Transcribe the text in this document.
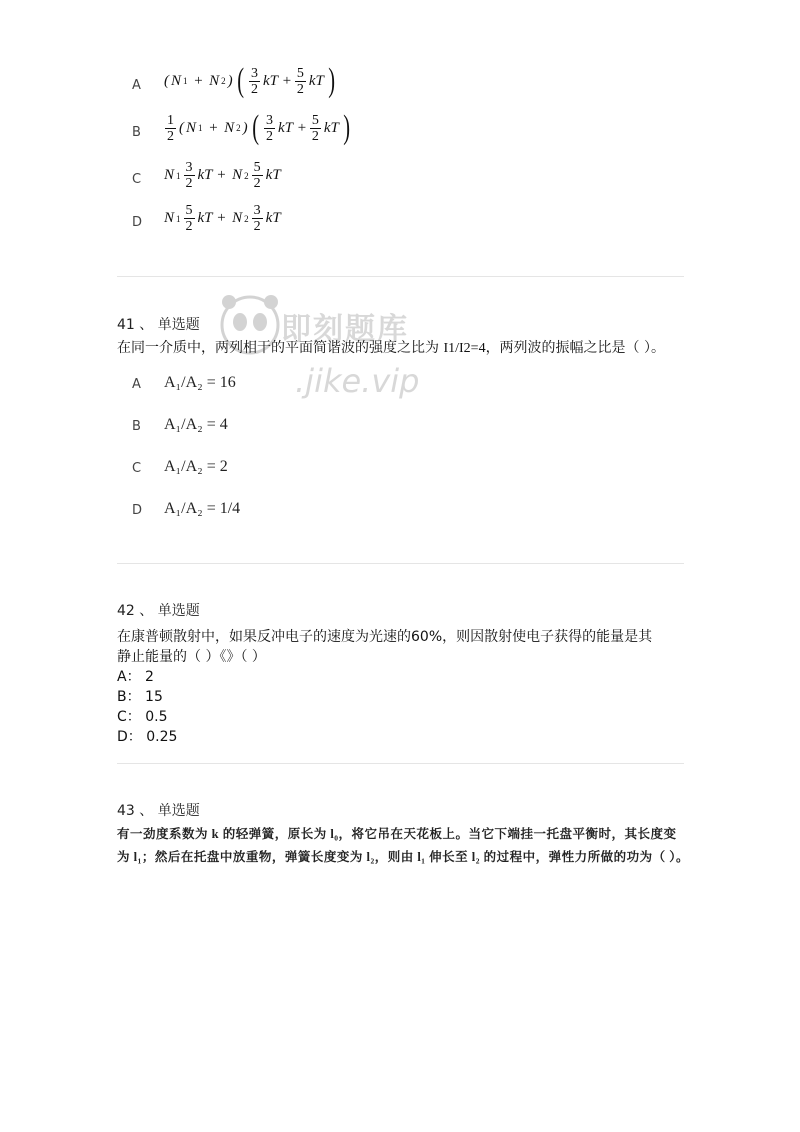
A ( N 1 + N 2 ) ( $\frac{3}{2}$ kT + $\frac{5}{2}$ kT )
B $\frac{1}{2}$ ( N 1 + N 2 ) ( $\frac{3}{2}$ kT + $\frac{5}{2}$ kT )
C N $1 \frac{3}{2}$ kT + N $2 \frac{5}{2}$ kT
D N $1 \frac{5}{2}$ kT + N $2 \frac{3}{2}$ kT
41 、 单选题
在同一介质中，两列相干的平面简谐波的强度之比为 I1/I2=4，两列波的振幅之比是（ ）。
A A₁/A₂ = 16
B A₁/A₂ = 4
C A₁/A₂ = 2
D A₁/A₂ = 1/4
42 、 单选题
在康普顿散射中，如果反冲电子的速度为光速的60%，则因散射使电子获得的能量是其
静止能量的（ ）《》（ ）
A： 2
B： 15
C： 0.5
D： 0.25
43 、 单选题
有一劲度系数为 k 的轻弹簧，原长为 l₀，将它吊在天花板上。当它下端挂一托盘平衡时，其长度变为 l₁；然后在托盘中放重物，弹簧长度变为 l₂，则由 l₁ 伸长至 l₂ 的过程中，弹性力所做的功为（ ）。
即刻题库
.jike.vip
